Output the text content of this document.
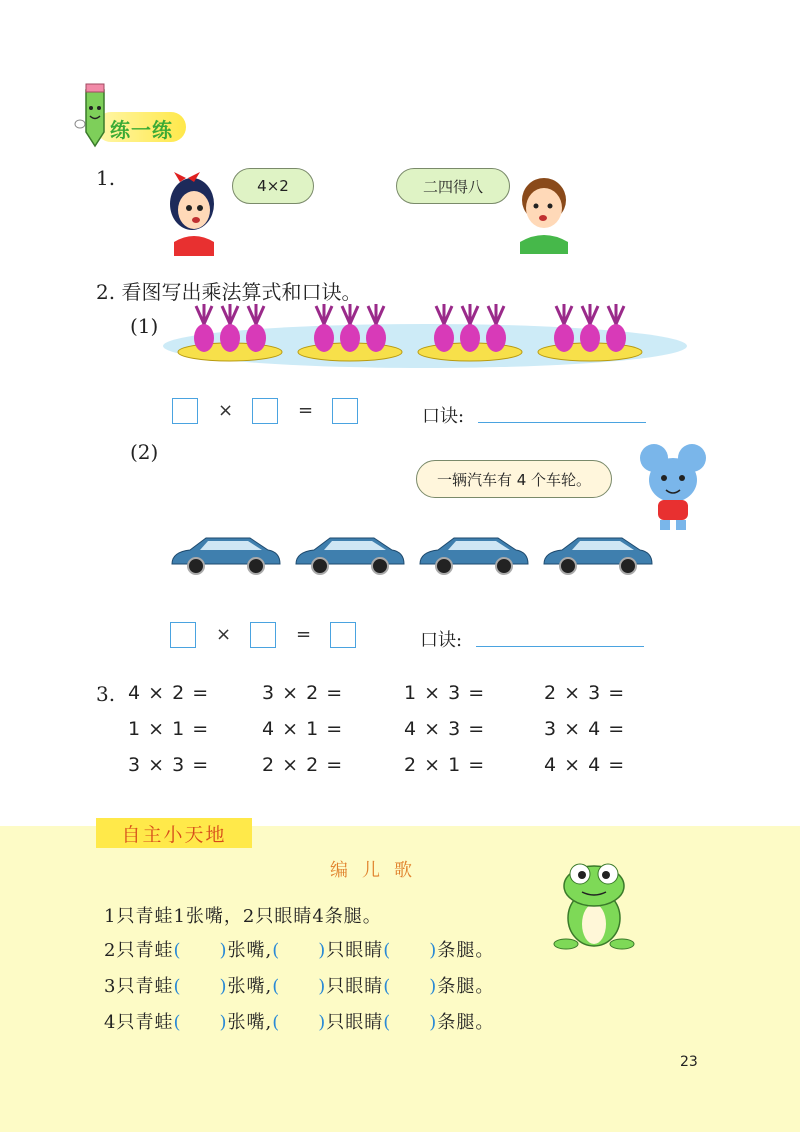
练一练
1.	4×2	二四得八
2. 看图写出乘法算式和口诀。
(1)
×	=	口诀:
(2)
一辆汽车有 4 个车轮。
×	=	口诀:
3. 4 × 2 =	3 × 2 =	1 × 3 =	2 × 3 =
1 × 1 =	4 × 1 =	4 × 3 =	3 × 4 =
3 × 3 =	2 × 2 =	2 × 1 =	4 × 4 =
自主小天地
编儿歌
1只青蛙1张嘴，2只眼睛4条腿。
2只青蛙(　　)张嘴,(　　)只眼睛(　　)条腿。
3只青蛙(　　)张嘴,(　　)只眼睛(　　)条腿。
4只青蛙(　　)张嘴,(　　)只眼睛(　　)条腿。
23
